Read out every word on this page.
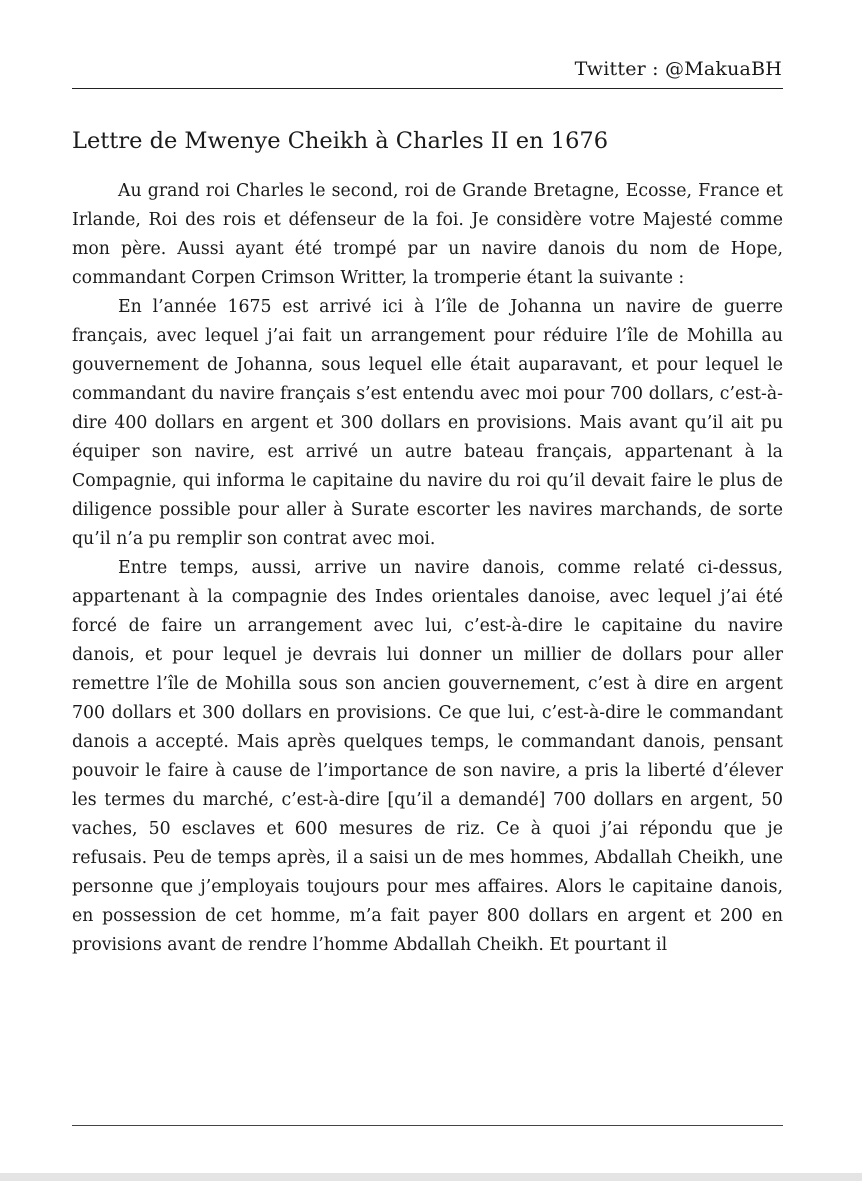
Twitter : @MakuaBH
Lettre de Mwenye Cheikh à Charles II en 1676

Au grand roi Charles le second, roi de Grande Bretagne, Ecosse, France et Irlande, Roi des rois et défenseur de la foi. Je considère votre Majesté comme mon père. Aussi ayant été trompé par un navire danois du nom de Hope, commandant Corpen Crimson Writter, la tromperie étant la suivante :

En l’année 1675 est arrivé ici à l’île de Johanna un navire de guerre français, avec lequel j’ai fait un arrangement pour réduire l’île de Mohilla au gouvernement de Johanna, sous lequel elle était auparavant, et pour lequel le commandant du navire français s’est entendu avec moi pour 700 dollars, c’est-à-dire 400 dollars en argent et 300 dollars en provisions. Mais avant qu’il ait pu équiper son navire, est arrivé un autre bateau français, appartenant à la Compagnie, qui informa le capitaine du navire du roi qu’il devait faire le plus de diligence possible pour aller à Surate escorter les navires marchands, de sorte qu’il n’a pu remplir son contrat avec moi.

Entre temps, aussi, arrive un navire danois, comme relaté ci-dessus, appartenant à la compagnie des Indes orientales danoise, avec lequel j’ai été forcé de faire un arrangement avec lui, c’est-à-dire le capitaine du navire danois, et pour lequel je devrais lui donner un millier de dollars pour aller remettre l’île de Mohilla sous son ancien gouvernement, c’est à dire en argent 700 dollars et 300 dollars en provisions. Ce que lui, c’est-à-dire le commandant danois a accepté. Mais après quelques temps, le commandant danois, pensant pouvoir le faire à cause de l’importance de son navire, a pris la liberté d’élever les termes du marché, c’est-à-dire [qu’il a demandé] 700 dollars en argent, 50 vaches, 50 esclaves et 600 mesures de riz. Ce à quoi j’ai répondu que je refusais. Peu de temps après, il a saisi un de mes hommes, Abdallah Cheikh, une personne que j’employais toujours pour mes affaires. Alors le capitaine danois, en possession de cet homme, m’a fait payer 800 dollars en argent et 200 en provisions avant de rendre l’homme Abdallah Cheikh. Et pourtant il
